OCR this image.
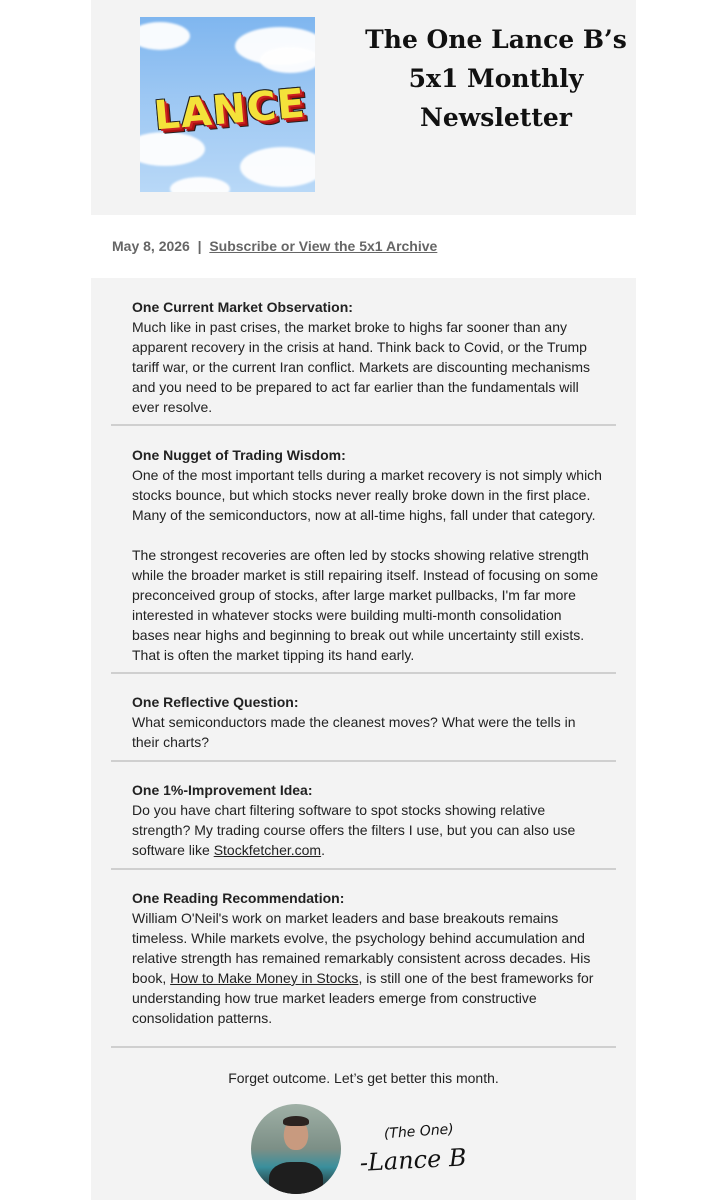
LANCE
The One Lance B’s
5x1 Monthly
Newsletter
May 8, 2026 | Subscribe or View the 5x1 Archive
One Current Market Observation:

Much like in past crises, the market broke to highs far sooner than any apparent recovery in the crisis at hand. Think back to Covid, or the Trump tariff war, or the current Iran conflict. Markets are discounting mechanisms and you need to be prepared to act far earlier than the fundamentals will ever resolve.

One Nugget of Trading Wisdom:

One of the most important tells during a market recovery is not simply which stocks bounce, but which stocks never really broke down in the first place. Many of the semiconductors, now at all-time highs, fall under that category.

The strongest recoveries are often led by stocks showing relative strength while the broader market is still repairing itself. Instead of focusing on some preconceived group of stocks, after large market pullbacks, I'm far more interested in whatever stocks were building multi-month consolidation bases near highs and beginning to break out while uncertainty still exists. That is often the market tipping its hand early.

One Reflective Question:

What semiconductors made the cleanest moves? What were the tells in their charts?

One 1%-Improvement Idea:

Do you have chart filtering software to spot stocks showing relative strength? My trading course offers the filters I use, but you can also use software like Stockfetcher.com.

One Reading Recommendation:

William O'Neil's work on market leaders and base breakouts remains timeless. While markets evolve, the psychology behind accumulation and relative strength has remained remarkably consistent across decades. His book, How to Make Money in Stocks, is still one of the best frameworks for understanding how true market leaders emerge from constructive consolidation patterns.

Forget outcome. Let’s get better this month.

(The One)
-Lance B
